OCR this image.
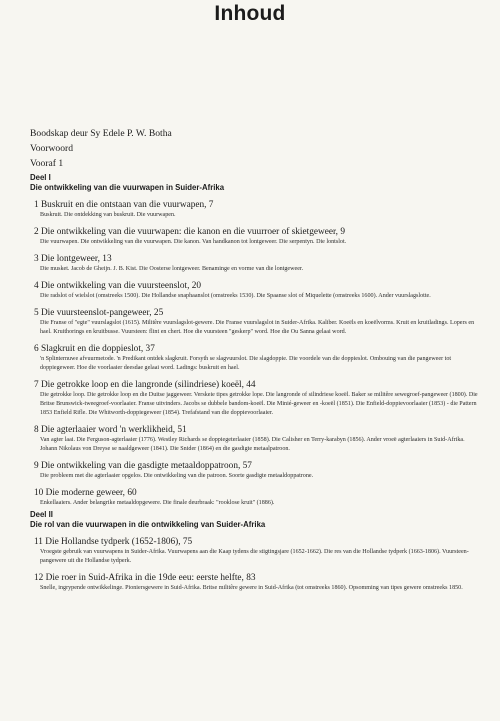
Inhoud
Boodskap deur Sy Edele P. W. Botha
Voorwoord
Vooraf 1
Deel I
Die ontwikkeling van die vuurwapen in Suider-Afrika
1 Buskruit en die ontstaan van die vuurwapen, 7
Buskruit. Die ontdekking van buskruit. Die vuurwapen.
2 Die ontwikkeling van die vuurwapen: die kanon en die vuurroer of skietgeweer, 9
Die vuurwapen. Die ontwikkeling van die vuurwapen. Die kanon. Van handkanon tot lontgeweer. Die serpentyn. Die lontslot.
3 Die lontgeweer, 13
Die musket. Jacob de Gheijn. J. B. Kist. Die Oosterse lontgeweer. Benaminge en vorme van die lontgeweer.
4 Die ontwikkeling van die vuursteenslot, 20
Die radslot of wielslot (omstreeks 1500). Die Hollandse snaphaanslot (omstreeks 1530). Die Spaanse slot of Miquelette (omstreeks 1600). Ander vuurslagslotte.
5 Die vuursteenslot-pangeweer, 25
Die Franse of "egte" vuurslagslot (1615). Militêre vuurslagslot-gewere. Die Franse vuurslagslot in Suider-Afrika. Kaliber. Koeëls en koeëlvorms. Kruit en kruitladings. Lopers en hael. Kruithorings en kruitbusse. Vuursteen: flint en chert. Hoe die vuursteen "geskerp" word. Hoe die Ou Sanna gelaai word.
6 Slagkruit en die doppieslot, 37
'n Splinternuwe afvuurmetode. 'n Predikant ontdek slagkruit. Forsyth se slagvuurslot. Die slagdoppie. Die voordele van die doppieslot. Ombouing van die pangeweer tot doppiegeweer. Hoe die voorlaaier deesdae gelaai word. Ladings: buskruit en hael.
7 Die getrokke loop en die langronde (silindriese) koeël, 44
Die getrokke loop. Die getrokke loop en die Duitse jaggeweer. Verskeie tipes getrokke lope. Die langronde of silindriese koeël. Baker se militêre sewegroef-pangeweer (1800). Die Britse Brunswick-tweegroef-voorlaaier. Franse uitvinders. Jacobs se dubbele bandom-koeël. Die Minié-geweer en -koeël (1851). Die Enfield-doppievoorlaaier (1853) - die Pattern 1853 Enfield Rifle. Die Whitworth-doppiegeweer (1854). Trefafstand van die doppievoorlaaier.
8 Die agterlaaier word 'n werklikheid, 51
Van agter laai. Die Ferguson-agterlaaier (1776). Westley Richards se doppiegeterlaaier (1858). Die Calisher en Terry-karabyn (1856). Ander vroeë agterlaaiers in Suid-Afrika. Johann Nikolaus von Dreyse se naaldgeweer (1841). Die Snider (1864) en die gasdigte metaalpatroon.
9 Die ontwikkeling van die gasdigte metaaldoppatroon, 57
Die probleem met die agterlaaier opgelos. Die ontwikkeling van die patroon. Soorte gasdigte metaaldoppatrone.
10 Die moderne geweer, 60
Enkellaaiers. Ander belangrike metaaldopgewere. Die finale deurbraak: "rooklose kruit" (1886).
Deel II
Die rol van die vuurwapen in die ontwikkeling van Suider-Afrika
11 Die Hollandse tydperk (1652-1806), 75
Vroegste gebruik van vuurwapens in Suider-Afrika. Vuurwapens aan die Kaap tydens die stigtingsjare (1652-1662). Die res van die Hollandse tydperk (1663-1806). Vuursteen-pangewere uit die Hollandse tydperk.
12 Die roer in Suid-Afrika in die 19de eeu: eerste helfte, 83
Snelle, ingrypende ontwikkelinge. Pioniersgewere in Suid-Afrika. Britse militêre gewere in Suid-Afrika (tot omstreeks 1860). Opsomming van tipes gewere omstreeks 1850.
